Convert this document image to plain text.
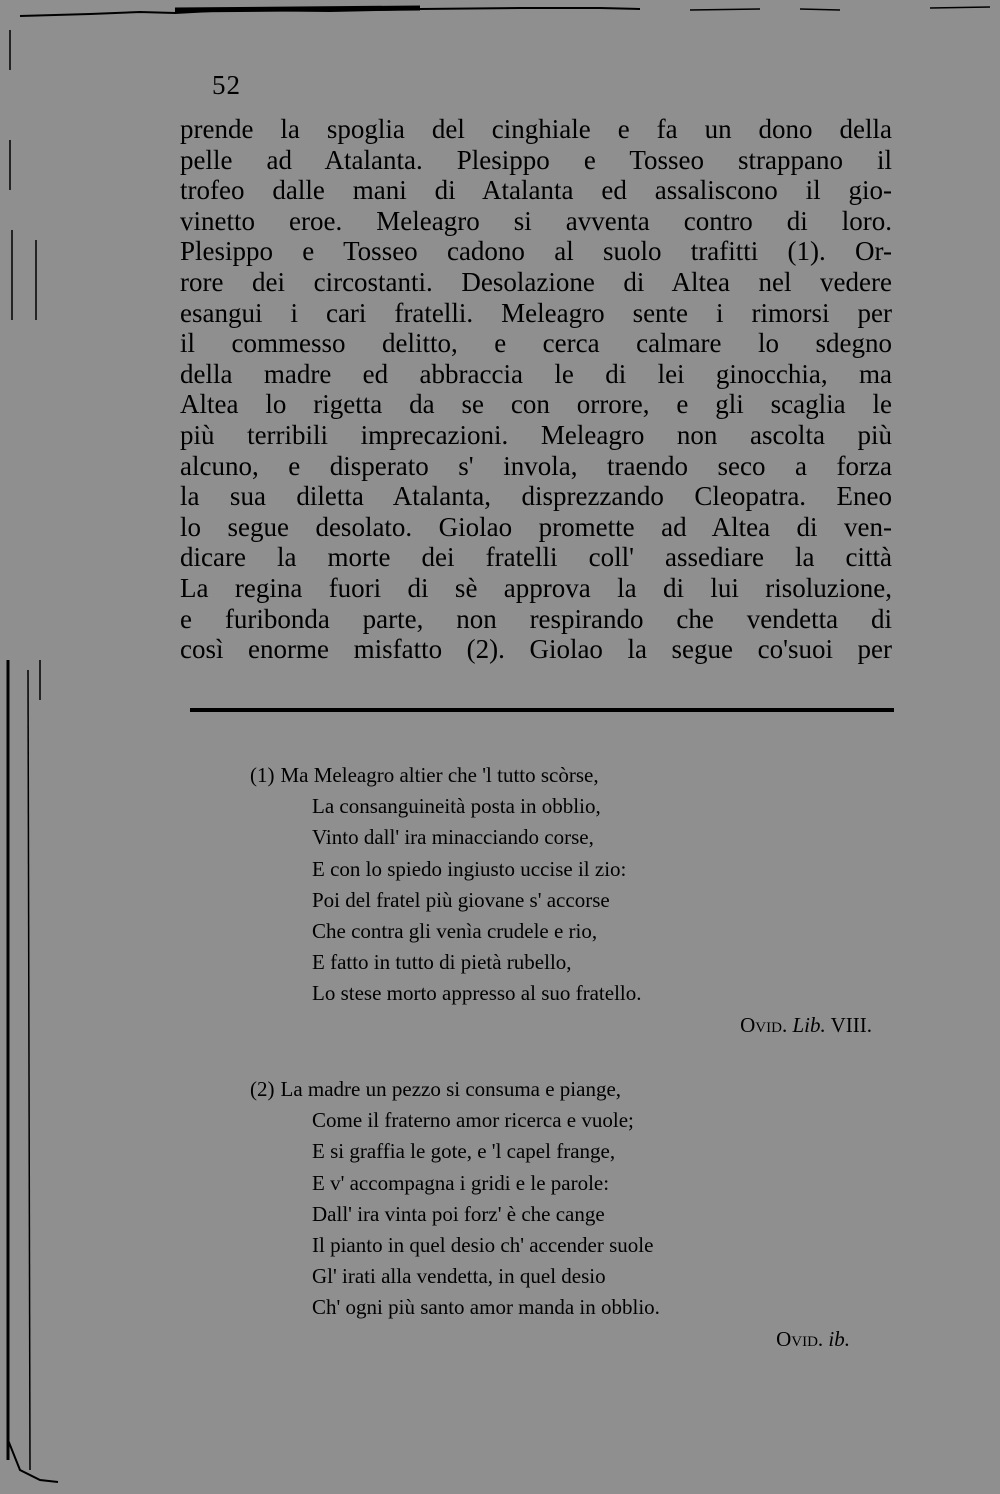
52
prende la spoglia del cinghiale e fa un dono della
pelle ad Atalanta. Plesippo e Tosseo strappano il
trofeo dalle mani di Atalanta ed assaliscono il gio-
vinetto eroe. Meleagro si avventa contro di loro.
Plesippo e Tosseo cadono al suolo trafitti (1). Or-
rore dei circostanti. Desolazione di Altea nel vedere
esangui i cari fratelli. Meleagro sente i rimorsi per
il commesso delitto, e cerca calmare lo sdegno
della madre ed abbraccia le di lei ginocchia, ma
Altea lo rigetta da se con orrore, e gli scaglia le
più terribili imprecazioni. Meleagro non ascolta più
alcuno, e disperato s' invola, traendo seco a forza
la sua diletta Atalanta, disprezzando Cleopatra. Eneo
lo segue desolato. Giolao promette ad Altea di ven-
dicare la morte dei fratelli coll' assediare la città
La regina fuori di sè approva la di lui risoluzione,
e furibonda parte, non respirando che vendetta di
così enorme misfatto (2). Giolao la segue co'suoi per
(1) Ma Meleagro altier che 'l tutto scòrse,
La consanguineità posta in obblio,
Vinto dall' ira minacciando corse,
E con lo spiedo ingiusto uccise il zio:
Poi del fratel più giovane s' accorse
Che contra gli venìa crudele e rio,
E fatto in tutto di pietà rubello,
Lo stese morto appresso al suo fratello.
Ovid. Lib. VIII.
(2) La madre un pezzo si consuma e piange,
Come il fraterno amor ricerca e vuole;
E si graffia le gote, e 'l capel frange,
E v' accompagna i gridi e le parole:
Dall' ira vinta poi forz' è che cange
Il pianto in quel desio ch' accender suole
Gl' irati alla vendetta, in quel desio
Ch' ogni più santo amor manda in obblio.
Ovid. ib.
